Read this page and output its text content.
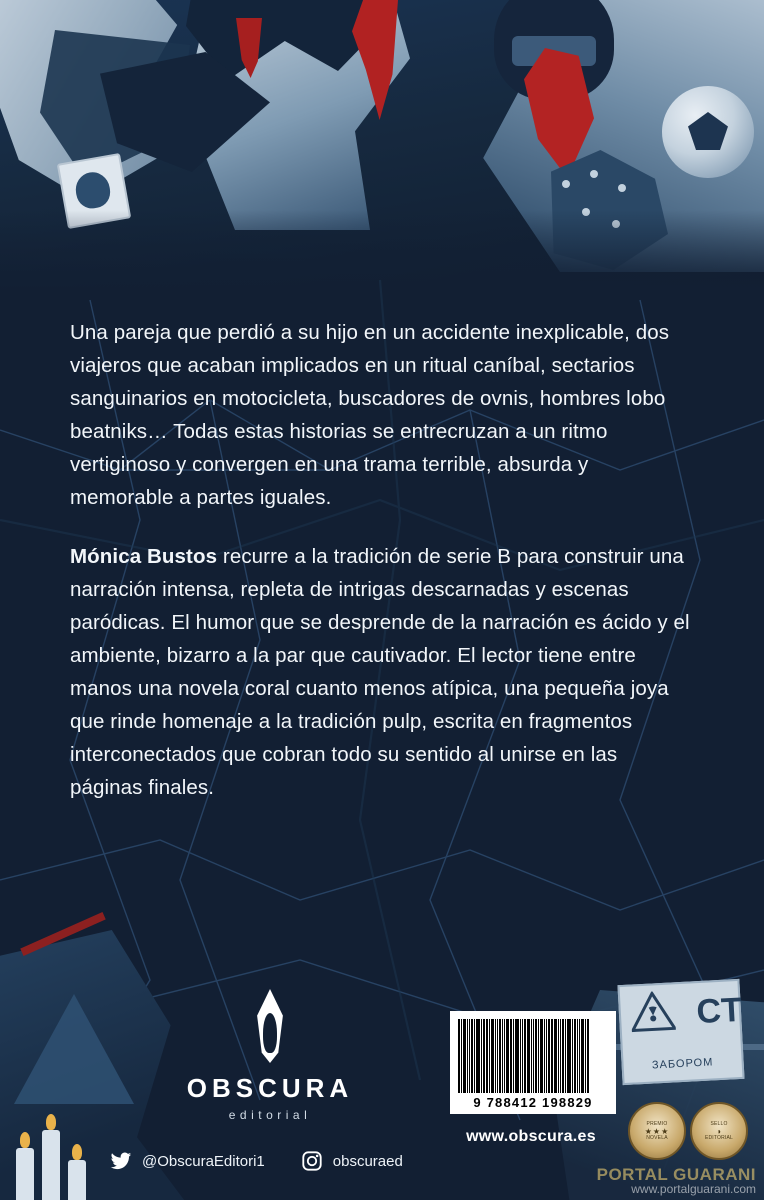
Una pareja que perdió a su hijo en un accidente inexplicable, dos viajeros que acaban implicados en un ritual caníbal, sectarios sanguinarios en motocicleta, buscadores de ovnis, hombres lobo beatniks… Todas estas historias se entrecruzan a un ritmo vertiginoso y convergen en una trama terrible, absurda y memorable a partes iguales.

Mónica Bustos recurre a la tradición de serie B para construir una narración intensa, repleta de intrigas descarnadas y escenas paródicas. El humor que se desprende de la narración es ácido y el ambiente, bizarro a la par que cautivador. El lector tiene entre manos una novela coral cuanto menos atípica, una pequeña joya que rinde homenaje a la tradición pulp, escrita en fragmentos interconectados que cobran todo su sentido al unirse en las páginas finales.

СТ
ЗАБОРОМ
OBSCURA
editorial
@ObscuraEditori1	obscuraed
9 788412 198829
www.obscura.es
PREMIO
★★★
NOVELA
SELLO
◑
EDITORIAL
PORTAL GUARANI
www.portalguarani.com
